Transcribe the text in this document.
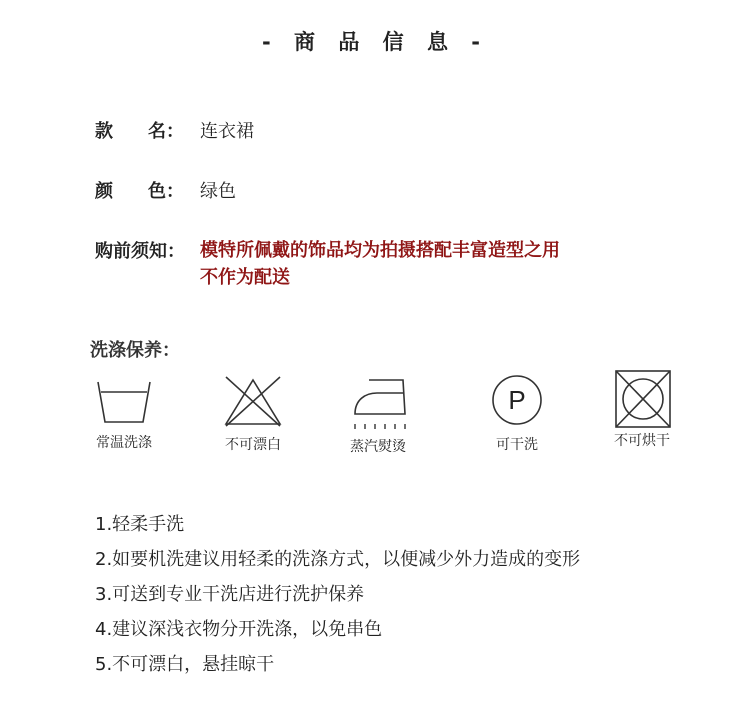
- 商 品 信 息 -
款 名： 连衣裙
颜 色： 绿色
购前须知： 模特所佩戴的饰品均为拍摄搭配丰富造型之用
不作为配送
洗涤保养：
常温洗涤	不可漂白	蒸汽熨烫
P
可干洗	不可烘干
1.轻柔手洗
2.如要机洗建议用轻柔的洗涤方式，以便减少外力造成的变形
3.可送到专业干洗店进行洗护保养
4.建议深浅衣物分开洗涤，以免串色
5.不可漂白，悬挂晾干
